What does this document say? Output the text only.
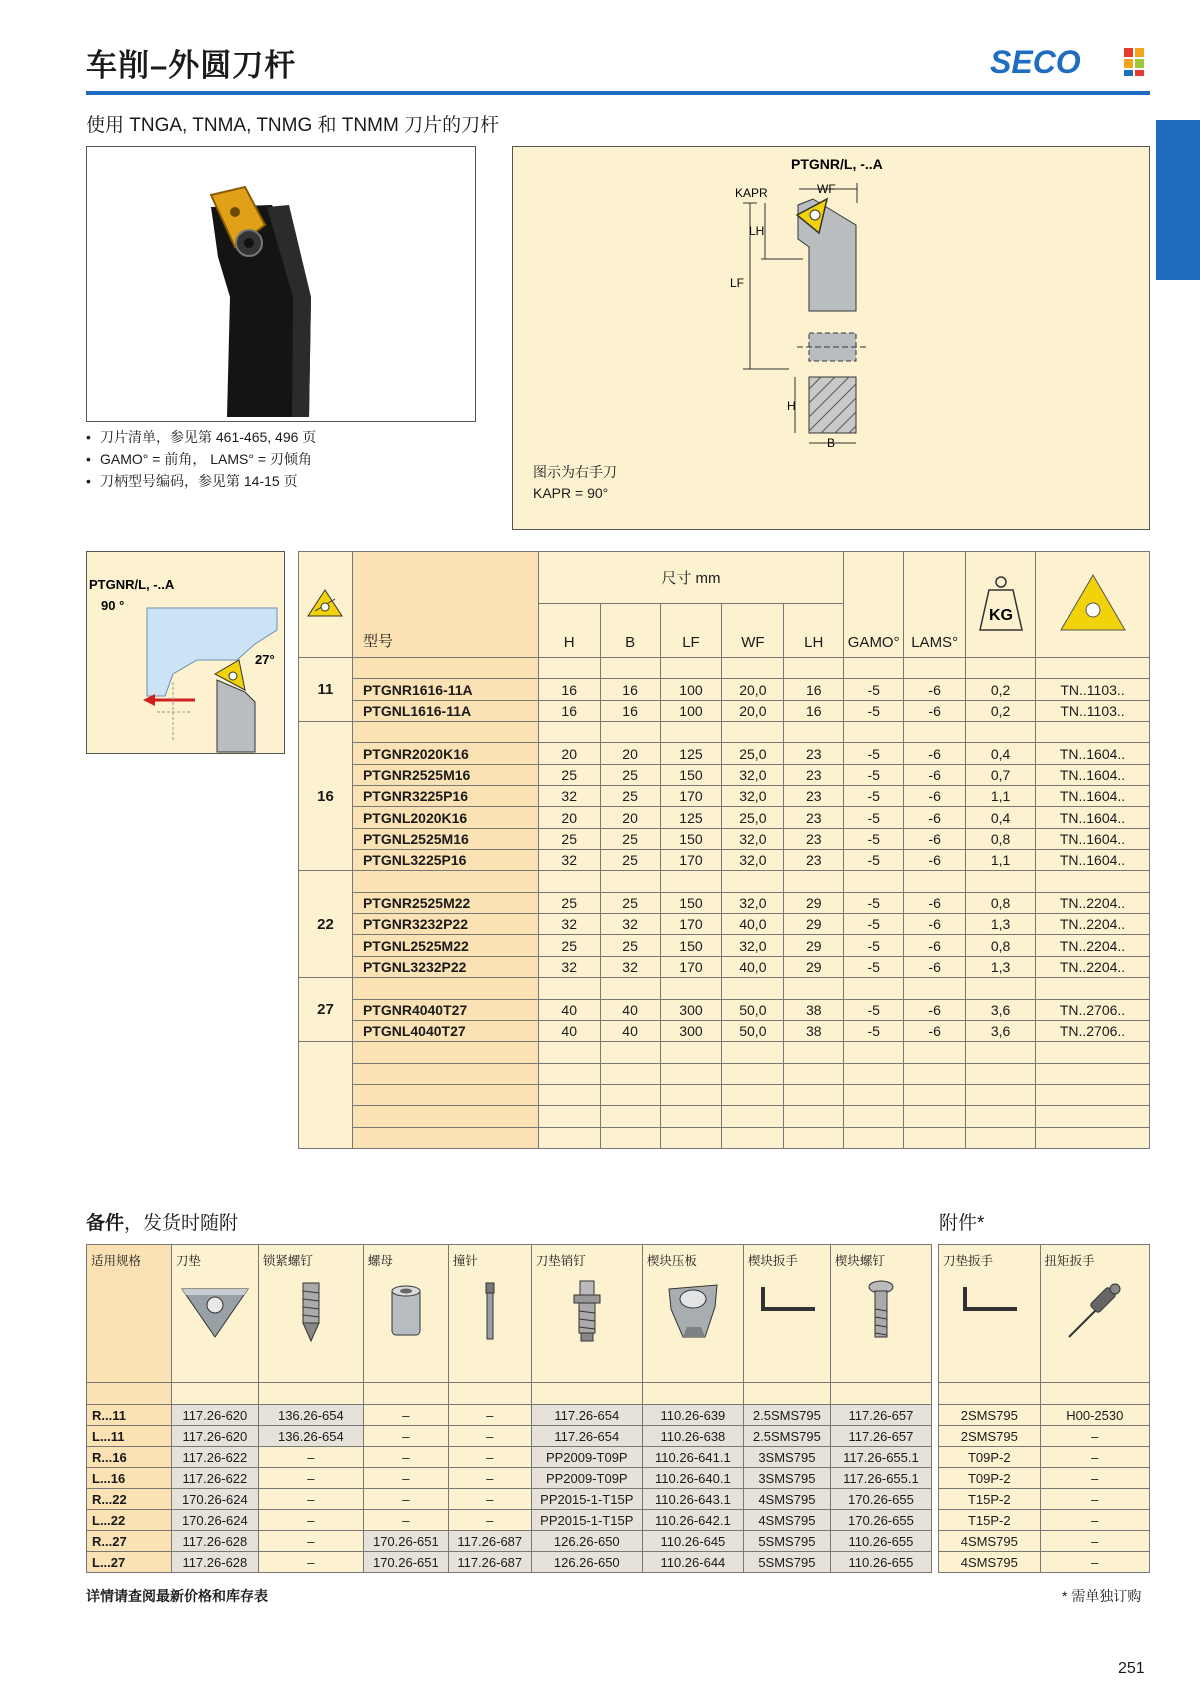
车削–外圆刀杆	SECO
使用 TNGA, TNMA, TNMG 和 TNMM 刀片的刀杆
• 刀片清单，参见第 461-465, 496 页
• GAMO° = 前角， LAMS° = 刃倾角
• 刀柄型号编码，参见第 14-15 页
PTGNR/L, -..A
LF
LH
KAPR	WF
H
B
图示为右手刀
KAPR = 90°
PTGNR/L, -..A
90 °
27°
	型号	尺寸 mm					GAMO°	LAMS°	KG

		H	B	LF	WF	LH				
11										
	PTGNR1616-11A	16	16	100	20,0	16	-5	-6	0,2	TN..1103..
	PTGNL1616-11A	16	16	100	20,0	16	-5	-6	0,2	TN..1103..
16										
	PTGNR2020K16	20	20	125	25,0	23	-5	-6	0,4	TN..1604..
	PTGNR2525M16	25	25	150	32,0	23	-5	-6	0,7	TN..1604..
	PTGNR3225P16	32	25	170	32,0	23	-5	-6	1,1	TN..1604..
	PTGNL2020K16	20	20	125	25,0	23	-5	-6	0,4	TN..1604..
	PTGNL2525M16	25	25	150	32,0	23	-5	-6	0,8	TN..1604..
	PTGNL3225P16	32	25	170	32,0	23	-5	-6	1,1	TN..1604..
22										
	PTGNR2525M22	25	25	150	32,0	29	-5	-6	0,8	TN..2204..
	PTGNR3232P22	32	32	170	40,0	29	-5	-6	1,3	TN..2204..
	PTGNL2525M22	25	25	150	32,0	29	-5	-6	0,8	TN..2204..
	PTGNL3232P22	32	32	170	40,0	29	-5	-6	1,3	TN..2204..
27										
	PTGNR4040T27	40	40	300	50,0	38	-5	-6	3,6	TN..2706..
	PTGNL4040T27	40	40	300	50,0	38	-5	-6	3,6	TN..2706..

备件，发货时随附	附件*
适用规格	刀垫	锁紧螺钉	螺母	撞针	刀垫销钉	楔块压板	楔块扳手	楔块螺钉

R...11	117.26-620	136.26-654	–	–	117.26-654	110.26-639	2.5SMS795	117.26-657
L...11	117.26-620	136.26-654	–	–	117.26-654	110.26-638	2.5SMS795	117.26-657
R...16	117.26-622	–	–	–	PP2009-T09P	110.26-641.1	3SMS795	117.26-655.1
L...16	117.26-622	–	–	–	PP2009-T09P	110.26-640.1	3SMS795	117.26-655.1
R...22	170.26-624	–	–	–	PP2015-1-T15P	110.26-643.1	4SMS795	170.26-655
L...22	170.26-624	–	–	–	PP2015-1-T15P	110.26-642.1	4SMS795	170.26-655
R...27	117.26-628	–	170.26-651	117.26-687	126.26-650	110.26-645	5SMS795	110.26-655
L...27	117.26-628	–	170.26-651	117.26-687	126.26-650	110.26-644	5SMS795	110.26-655
刀垫扳手	扭矩扳手

2SMS795	H00-2530
2SMS795	–
T09P-2	–
T09P-2	–
T15P-2	–
T15P-2	–
4SMS795	–
4SMS795	–
详情请查阅最新价格和库存表	* 需单独订购
251
